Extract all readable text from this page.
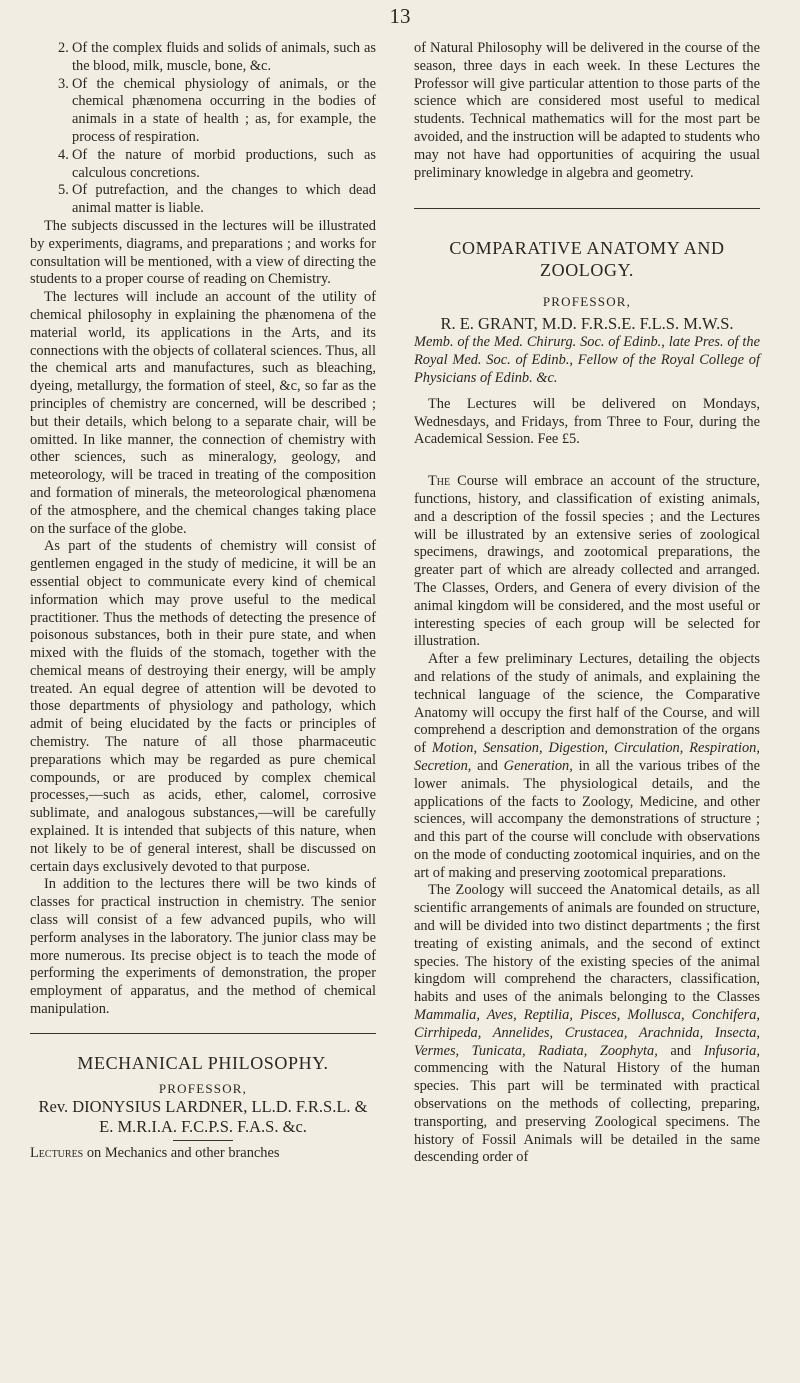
13
2. Of the complex fluids and solids of animals, such as the blood, milk, muscle, bone, &c.

3. Of the chemical physiology of animals, or the chemical phænomena occurring in the bodies of animals in a state of health ; as, for example, the process of respiration.

4. Of the nature of morbid productions, such as calculous concretions.

5. Of putrefaction, and the changes to which dead animal matter is liable.

The subjects discussed in the lectures will be illustrated by experiments, diagrams, and preparations ; and works for consultation will be mentioned, with a view of directing the students to a proper course of reading on Chemistry.

The lectures will include an account of the utility of chemical philosophy in explaining the phænomena of the material world, its applications in the Arts, and its connections with the objects of collateral sciences. Thus, all the chemical arts and manufactures, such as bleaching, dyeing, metallurgy, the formation of steel, &c, so far as the principles of chemistry are concerned, will be described ; but their details, which belong to a separate chair, will be omitted. In like manner, the connection of chemistry with other sciences, such as mineralogy, geology, and meteorology, will be traced in treating of the composition and formation of minerals, the meteorological phænomena of the atmosphere, and the chemical changes taking place on the surface of the globe.

As part of the students of chemistry will consist of gentlemen engaged in the study of medicine, it will be an essential object to communicate every kind of chemical information which may prove useful to the medical practitioner. Thus the methods of detecting the presence of poisonous substances, both in their pure state, and when mixed with the fluids of the stomach, together with the chemical means of destroying their energy, will be amply treated. An equal degree of attention will be devoted to those departments of physiology and pathology, which admit of being elucidated by the facts or principles of chemistry. The nature of all those pharmaceutic preparations which may be regarded as pure chemical compounds, or are produced by complex chemical processes,—such as acids, ether, calomel, corrosive sublimate, and analogous substances,—will be carefully explained. It is intended that subjects of this nature, when not likely to be of general interest, shall be discussed on certain days exclusively devoted to that purpose.

In addition to the lectures there will be two kinds of classes for practical instruction in chemistry. The senior class will consist of a few advanced pupils, who will perform analyses in the laboratory. The junior class may be more numerous. Its precise object is to teach the mode of performing the experiments of demonstration, the proper employment of apparatus, and the method of chemical manipulation.

MECHANICAL PHILOSOPHY.

PROFESSOR,

Rev. DIONYSIUS LARDNER, LL.D. F.R.S.L. & E. M.R.I.A. F.C.P.S. F.A.S. &c.

Lectures on Mechanics and other branches

of Natural Philosophy will be delivered in the course of the season, three days in each week. In these Lectures the Professor will give particular attention to those parts of the science which are considered most useful to medical students. Technical mathematics will for the most part be avoided, and the instruction will be adapted to students who may not have had opportunities of acquiring the usual preliminary knowledge in algebra and geometry.

COMPARATIVE ANATOMY AND ZOOLOGY.

PROFESSOR,

R. E. GRANT, M.D. F.R.S.E. F.L.S. M.W.S.

Memb. of the Med. Chirurg. Soc. of Edinb., late Pres. of the Royal Med. Soc. of Edinb., Fellow of the Royal College of Physicians of Edinb. &c.

The Lectures will be delivered on Mondays, Wednesdays, and Fridays, from Three to Four, during the Academical Session. Fee £5.

The Course will embrace an account of the structure, functions, history, and classification of existing animals, and a description of the fossil species ; and the Lectures will be illustrated by an extensive series of zoological specimens, drawings, and zootomical preparations, the greater part of which are already collected and arranged. The Classes, Orders, and Genera of every division of the animal kingdom will be considered, and the most useful or interesting species of each group will be selected for illustration.

After a few preliminary Lectures, detailing the objects and relations of the study of animals, and explaining the technical language of the science, the Comparative Anatomy will occupy the first half of the Course, and will comprehend a description and demonstration of the organs of Motion, Sensation, Digestion, Circulation, Respiration, Secretion, and Generation, in all the various tribes of the lower animals. The physiological details, and the applications of the facts to Zoology, Medicine, and other sciences, will accompany the demonstrations of structure ; and this part of the course will conclude with observations on the mode of conducting zootomical inquiries, and on the art of making and preserving zootomical preparations.

The Zoology will succeed the Anatomical details, as all scientific arrangements of animals are founded on structure, and will be divided into two distinct departments ; the first treating of existing animals, and the second of extinct species. The history of the existing species of the animal kingdom will comprehend the characters, classification, habits and uses of the animals belonging to the Classes Mammalia, Aves, Reptilia, Pisces, Mollusca, Conchifera, Cirrhipeda, Annelides, Crustacea, Arachnida, Insecta, Vermes, Tunicata, Radiata, Zoophyta, and Infusoria, commencing with the Natural History of the human species. This part will be terminated with practical observations on the methods of collecting, preparing, transporting, and preserving Zoological specimens. The history of Fossil Animals will be detailed in the same descending order of
